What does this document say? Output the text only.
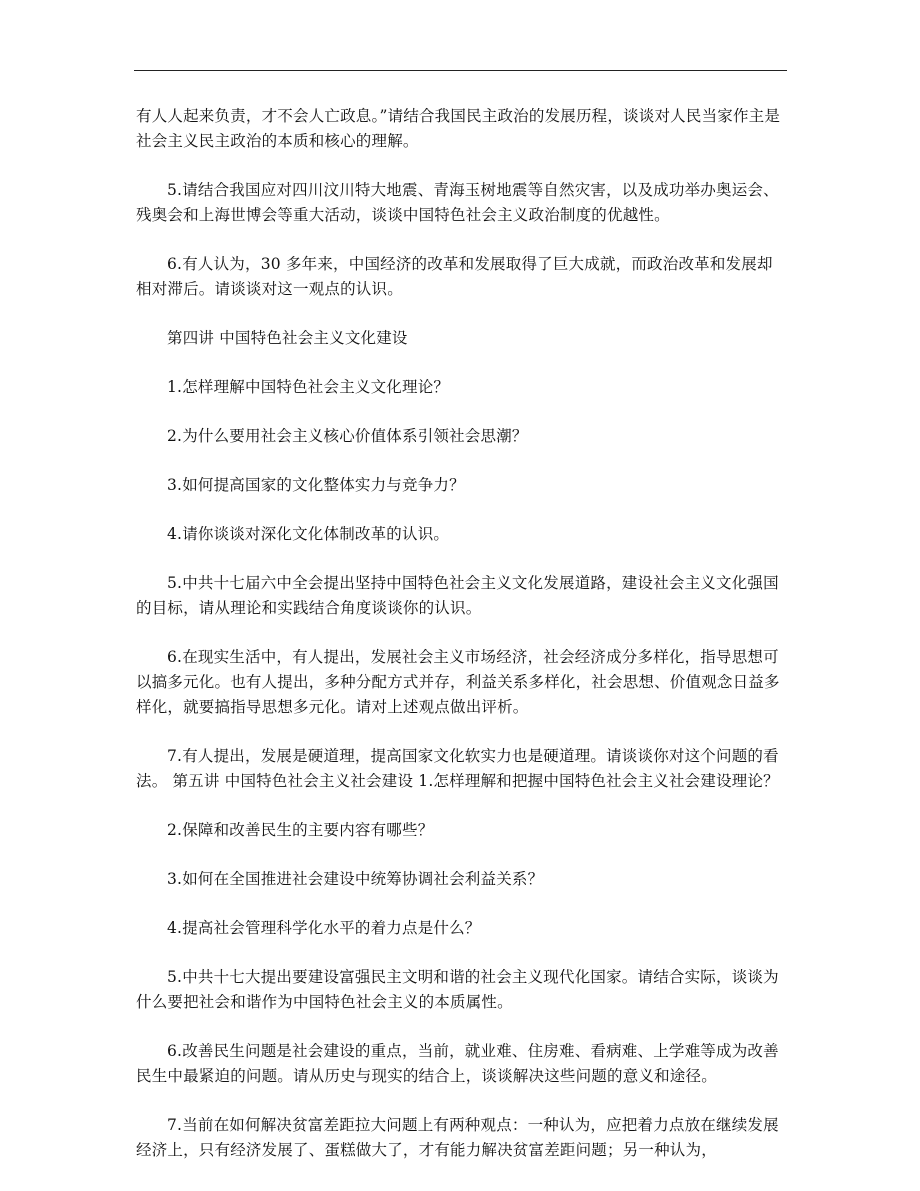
有人人起来负责，才不会人亡政息。”请结合我国民主政治的发展历程，谈谈对人民当家作主是社会主义民主政治的本质和核心的理解。

5.请结合我国应对四川汶川特大地震、青海玉树地震等自然灾害，以及成功举办奥运会、残奥会和上海世博会等重大活动，谈谈中国特色社会主义政治制度的优越性。

6.有人认为，30 多年来，中国经济的改革和发展取得了巨大成就，而政治改革和发展却相对滞后。请谈谈对这一观点的认识。

第四讲 中国特色社会主义文化建设

1.怎样理解中国特色社会主义文化理论？

2.为什么要用社会主义核心价值体系引领社会思潮？

3.如何提高国家的文化整体实力与竞争力？

4.请你谈谈对深化文化体制改革的认识。

5.中共十七届六中全会提出坚持中国特色社会主义文化发展道路，建设社会主义文化强国的目标，请从理论和实践结合角度谈谈你的认识。

6.在现实生活中，有人提出，发展社会主义市场经济，社会经济成分多样化，指导思想可以搞多元化。也有人提出，多种分配方式并存，利益关系多样化，社会思想、价值观念日益多样化，就要搞指导思想多元化。请对上述观点做出评析。

7.有人提出，发展是硬道理，提高国家文化软实力也是硬道理。请谈谈你对这个问题的看法。 第五讲 中国特色社会主义社会建设 1.怎样理解和把握中国特色社会主义社会建设理论？

2.保障和改善民生的主要内容有哪些？

3.如何在全国推进社会建设中统筹协调社会利益关系？

4.提高社会管理科学化水平的着力点是什么？

5.中共十七大提出要建设富强民主文明和谐的社会主义现代化国家。请结合实际，谈谈为什么要把社会和谐作为中国特色社会主义的本质属性。

6.改善民生问题是社会建设的重点，当前，就业难、住房难、看病难、上学难等成为改善民生中最紧迫的问题。请从历史与现实的结合上，谈谈解决这些问题的意义和途径。

7.当前在如何解决贫富差距拉大问题上有两种观点：一种认为，应把着力点放在继续发展经济上，只有经济发展了、蛋糕做大了，才有能力解决贫富差距问题；另一种认为，
